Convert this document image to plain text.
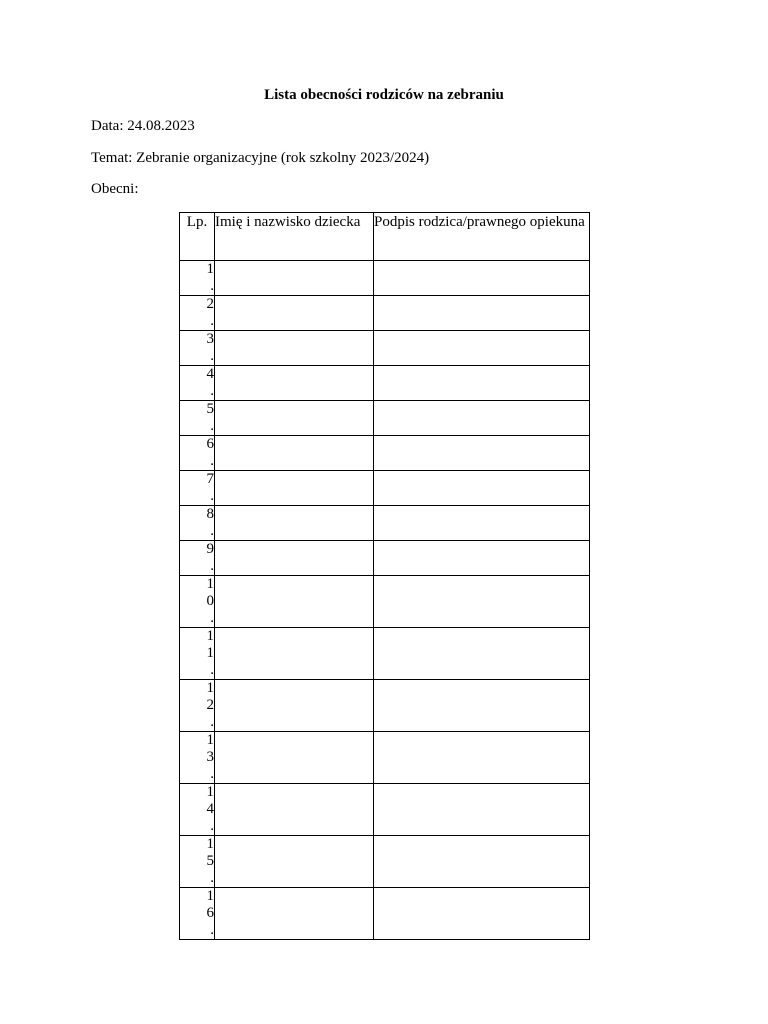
Lista obecności rodziców na zebraniu
Data: 24.08.2023
Temat: Zebranie organizacyjne (rok szkolny 2023/2024)
Obecni:
Lp.	Imię i nazwisko dziecka	Podpis rodzica/prawnego opiekuna
1.		
2.		
3.		
4.		
5.		
6.		
7.		
8.		
9.		
10.		
11.		
12.		
13.		
14.		
15.		
16.		
